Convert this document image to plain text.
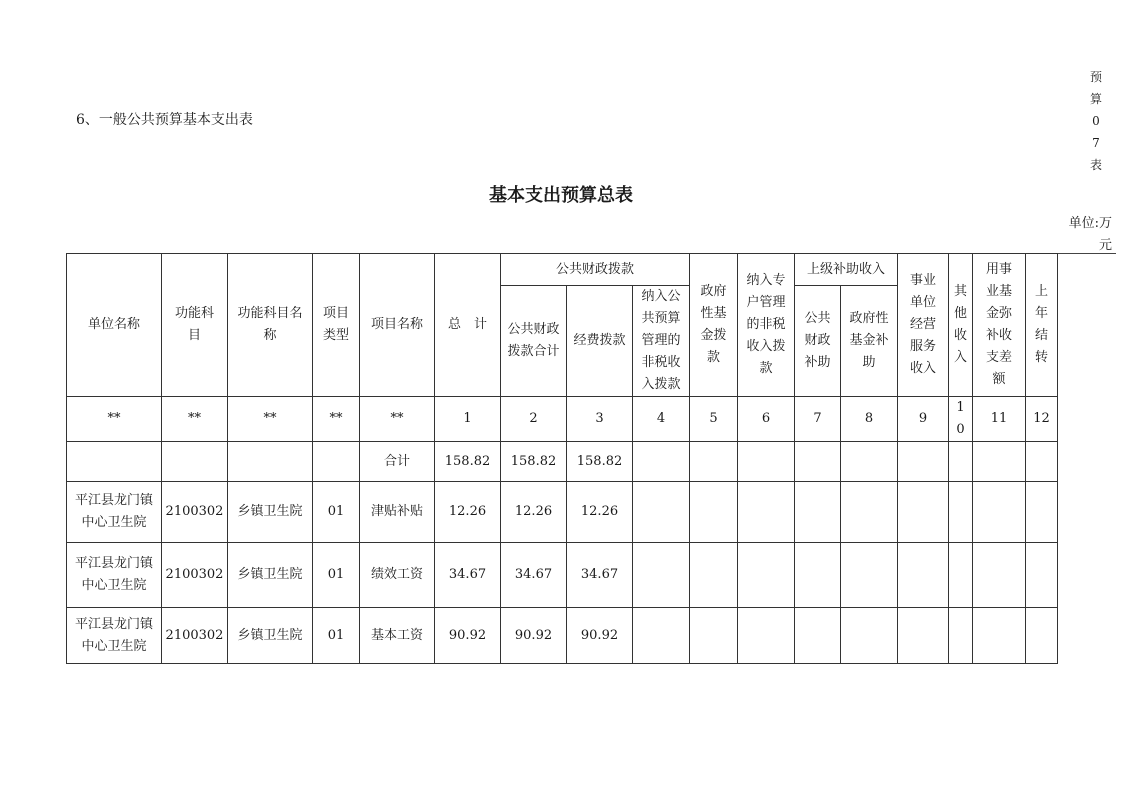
6、一般公共预算基本支出表
预
算
0
7
表
基本支出预算总表
单位:万
元
单位名称	功能科目	功能科目名称	项目类型	项目名称	总　计	公共财政拨款			政府性基金拨款	纳入专户管理的非税收入拨款	上级补助收入		事业单位经营服务收入	其他收入	用事业基金弥补收支差额	上年结转

						公共财政拨款合计	经费拨款	纳入公共预算管理的非税收入拨款			公共财政补助	政府性基金补助				

**	**	**	**	**	1	2	3	4	5	6	7	8	9	10	11	12
				合计	158.82	158.82	158.82									
平江县龙门镇中心卫生院	2100302	乡镇卫生院	01	津贴补贴	12.26	12.26	12.26									
平江县龙门镇中心卫生院	2100302	乡镇卫生院	01	绩效工资	34.67	34.67	34.67									
平江县龙门镇中心卫生院	2100302	乡镇卫生院	01	基本工资	90.92	90.92	90.92									
